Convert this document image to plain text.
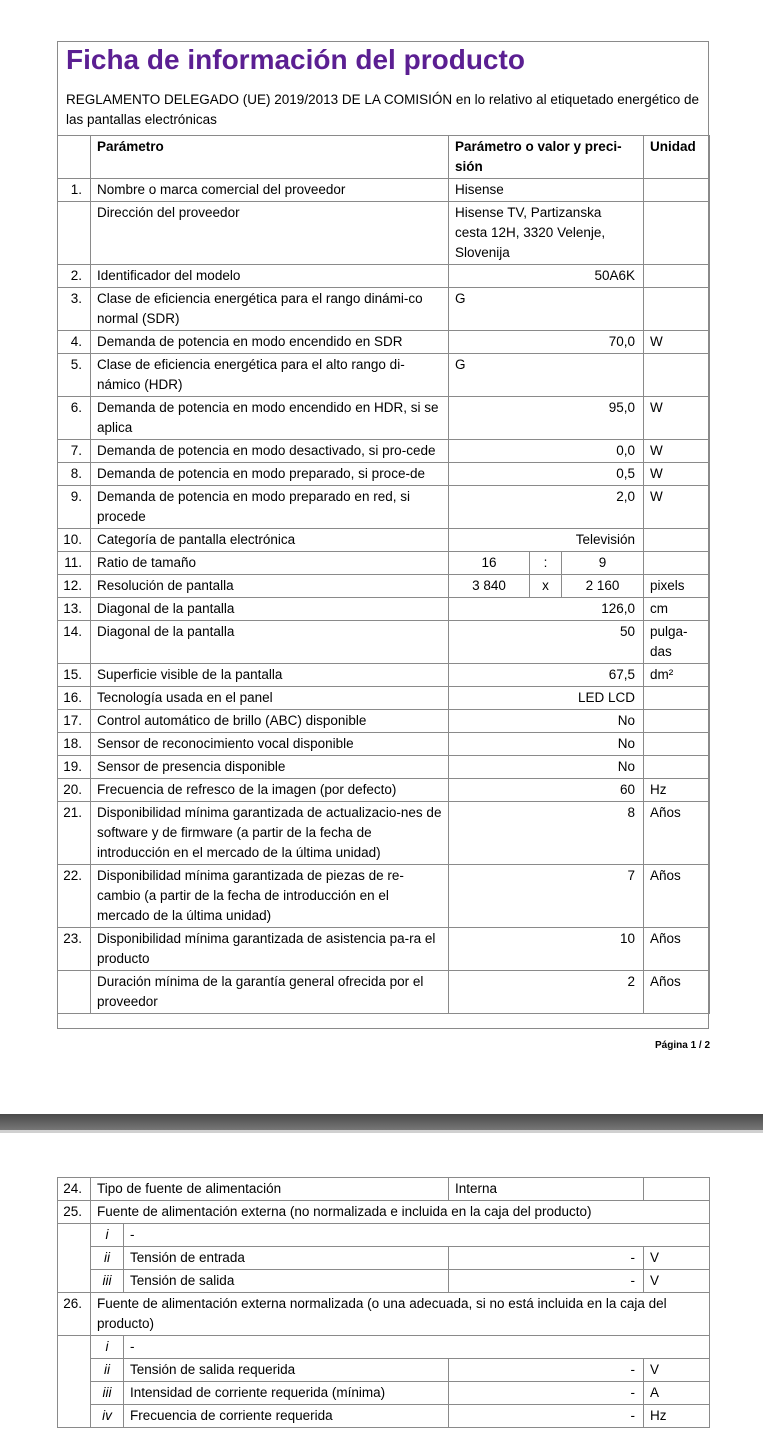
Ficha de información del producto
REGLAMENTO DELEGADO (UE) 2019/2013 DE LA COMISIÓN en lo relativo al etiquetado energético de las pantallas electrónicas
	Parámetro	Parámetro o valor y preci-sión			Unidad
1.	Nombre o marca comercial del proveedor	Hisense			
	Dirección del proveedor	Hisense TV, Partizanska cesta 12H, 3320 Velenje, Slovenija			
2.	Identificador del modelo	50A6K			
3.	Clase de eficiencia energética para el rango dinámi-co normal (SDR)	G			
4.	Demanda de potencia en modo encendido en SDR	70,0			W
5.	Clase de eficiencia energética para el alto rango di-námico (HDR)	G			
6.	Demanda de potencia en modo encendido en HDR, si se aplica	95,0			W
7.	Demanda de potencia en modo desactivado, si pro-cede	0,0			W
8.	Demanda de potencia en modo preparado, si proce-de	0,5			W
9.	Demanda de potencia en modo preparado en red, si procede	2,0			W
10.	Categoría de pantalla electrónica	Televisión			
11.	Ratio de tamaño	16	:	9	
12.	Resolución de pantalla	3 840	x	2 160	pixels
13.	Diagonal de la pantalla	126,0			cm
14.	Diagonal de la pantalla	50			pulga-das
15.	Superficie visible de la pantalla	67,5			dm²
16.	Tecnología usada en el panel	LED LCD			
17.	Control automático de brillo (ABC) disponible	No			
18.	Sensor de reconocimiento vocal disponible	No			
19.	Sensor de presencia disponible	No			
20.	Frecuencia de refresco de la imagen (por defecto)	60			Hz
21.	Disponibilidad mínima garantizada de actualizacio-nes de software y de firmware (a partir de la fecha de introducción en el mercado de la última unidad)	8			Años
22.	Disponibilidad mínima garantizada de piezas de re-cambio (a partir de la fecha de introducción en el mercado de la última unidad)	7			Años
23.	Disponibilidad mínima garantizada de asistencia pa-ra el producto	10			Años
	Duración mínima de la garantía general ofrecida por el proveedor	2			Años
Página 1 / 2
24.	Tipo de fuente de alimentación		Interna	
25.	Fuente de alimentación externa (no normalizada e incluida en la caja del producto)			
	i	-		
	ii	Tensión de entrada	-	V
	iii	Tensión de salida	-	V
26.	Fuente de alimentación externa normalizada (o una adecuada, si no está incluida en la caja del producto)			
	i	-		
	ii	Tensión de salida requerida	-	V
	iii	Intensidad de corriente requerida (mínima)	-	A
	iv	Frecuencia de corriente requerida	-	Hz
